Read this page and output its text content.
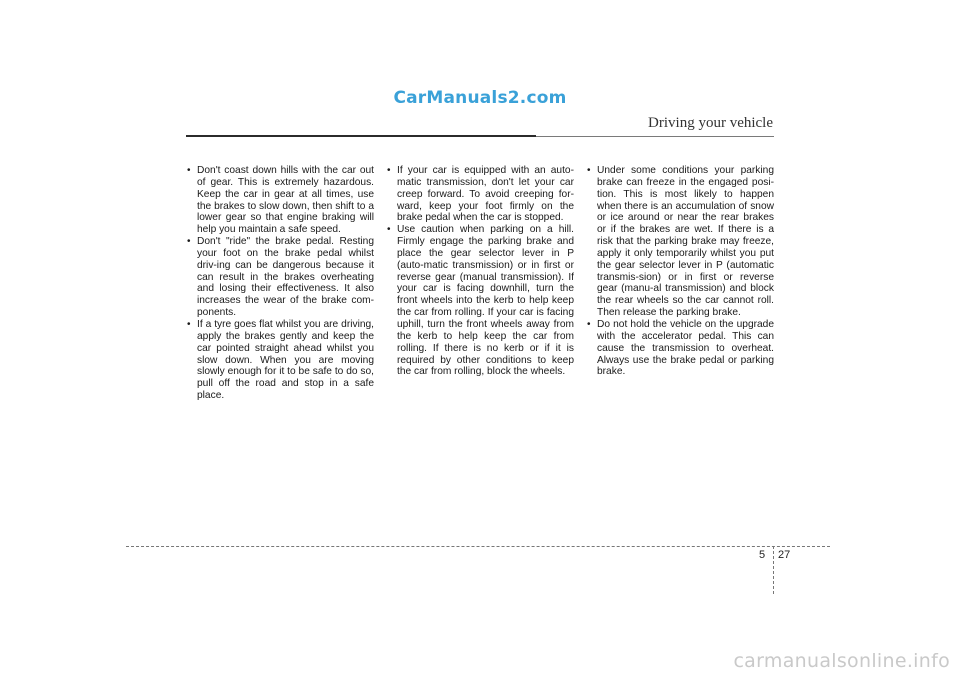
CarManuals2.com
Driving your vehicle
• Don't coast down hills with the car out of gear. This is extremely hazardous. Keep the car in gear at all times, use the brakes to slow down, then shift to a lower gear so that engine braking will help you maintain a safe speed.
• Don't "ride" the brake pedal. Resting your foot on the brake pedal whilst driv-ing can be dangerous because it can result in the brakes overheating and losing their effectiveness. It also increases the wear of the brake com-ponents.
• If a tyre goes flat whilst you are driving, apply the brakes gently and keep the car pointed straight ahead whilst you slow down. When you are moving slowly enough for it to be safe to do so, pull off the road and stop in a safe place.
• If your car is equipped with an auto-matic transmission, don't let your car creep forward. To avoid creeping for-ward, keep your foot firmly on the brake pedal when the car is stopped.
• Use caution when parking on a hill. Firmly engage the parking brake and place the gear selector lever in P (auto-matic transmission) or in first or reverse gear (manual transmission). If your car is facing downhill, turn the front wheels into the kerb to help keep the car from rolling. If your car is facing uphill, turn the front wheels away from the kerb to help keep the car from rolling. If there is no kerb or if it is required by other conditions to keep the car from rolling, block the wheels.
• Under some conditions your parking brake can freeze in the engaged posi-tion. This is most likely to happen when there is an accumulation of snow or ice around or near the rear brakes or if the brakes are wet. If there is a risk that the parking brake may freeze, apply it only temporarily whilst you put the gear selector lever in P (automatic transmis-sion) or in first or reverse gear (manu-al transmission) and block the rear wheels so the car cannot roll. Then release the parking brake.
• Do not hold the vehicle on the upgrade with the accelerator pedal. This can cause the transmission to overheat. Always use the brake pedal or parking brake.
5 27
carmanualsonline.info
